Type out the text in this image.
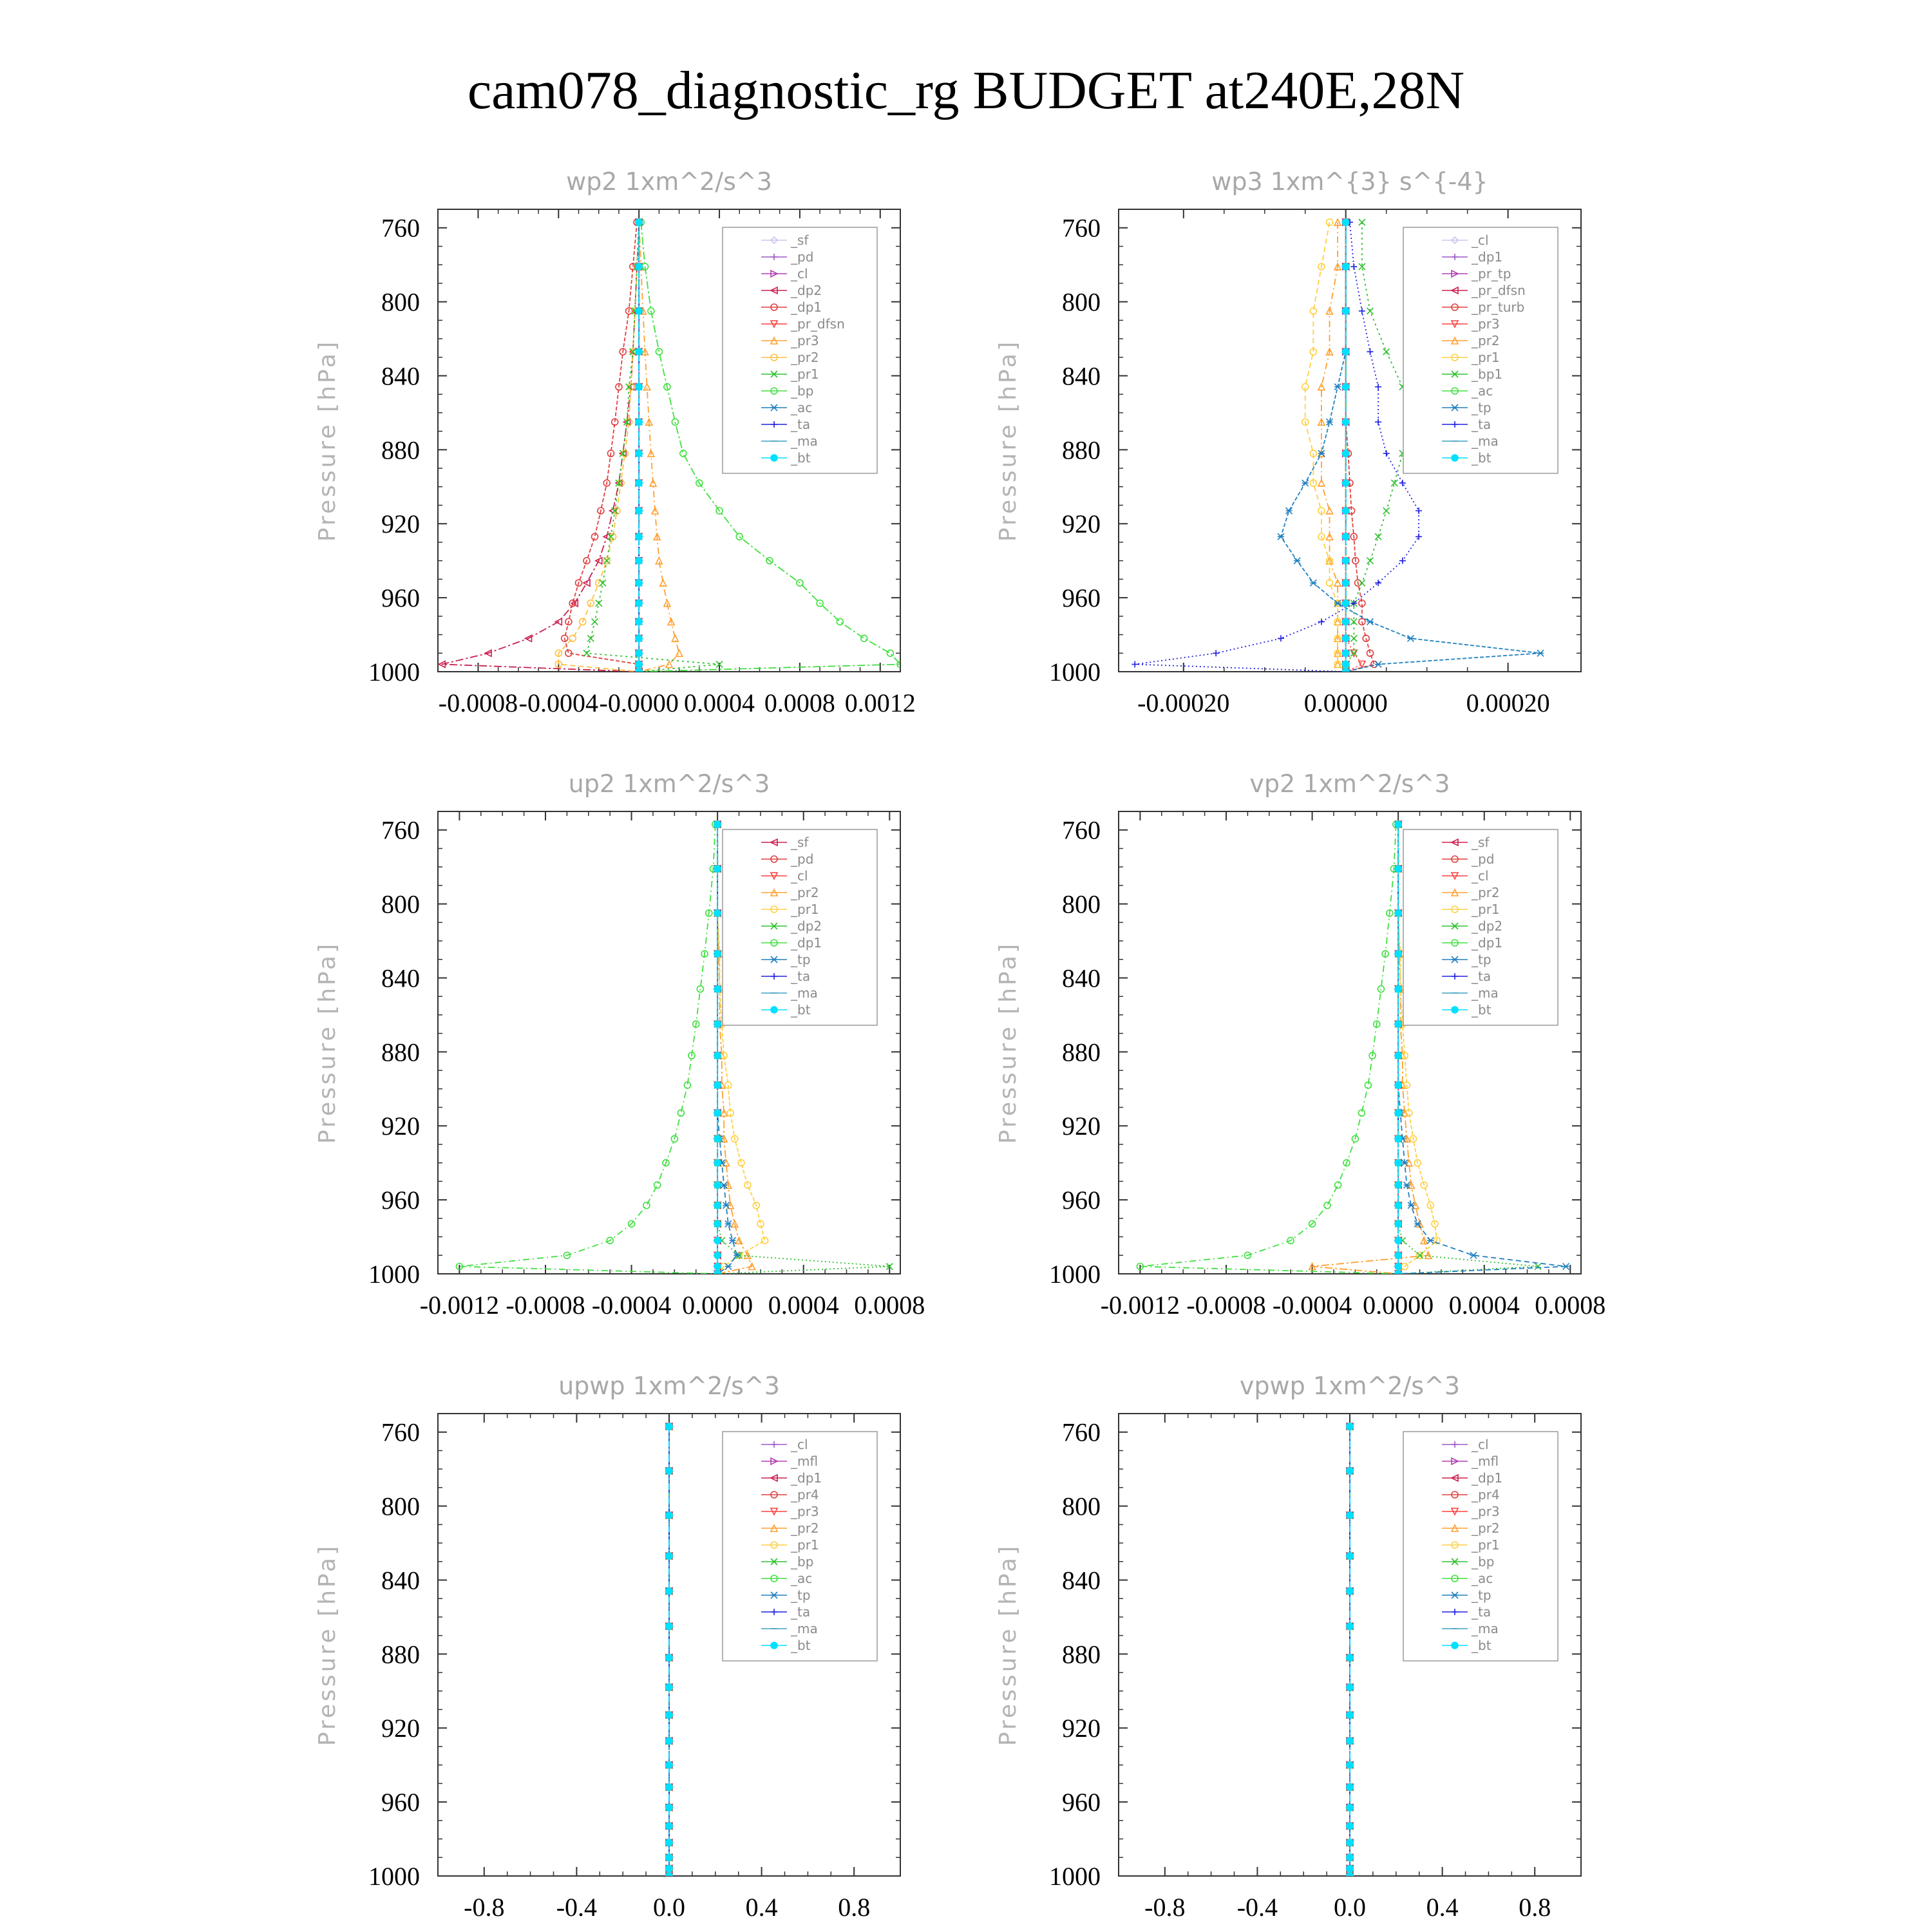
cam078_diagnostic_rg BUDGET at240E,28N
wp2 1xm^2/s^3
Pressure [hPa]
760
800
840
880
920
960
1000
-0.0008 -0.0004 -0.0000 0.0004 0.0008 0.0012
_sf
_pd
_cl
_dp2
_dp1
_pr_dfsn
_pr3
_pr2
_pr1
_bp
_ac
_ta
_ma
_bt
wp3 1xm^{3} s^{-4}
Pressure [hPa]
760
800
840
880
920
960
1000
-0.00020	0.00000	0.00020
_cl
_dp1
_pr_tp
_pr_dfsn
_pr_turb
_pr3
_pr2
_pr1
_bp1
_ac
_tp
_ta
_ma
_bt
up2 1xm^2/s^3
Pressure [hPa]
760
800
840
880
920
960
1000
-0.0012 -0.0008 -0.0004 0.0000 0.0004 0.0008
_sf
_pd
_cl
_pr2
_pr1
_dp2
_dp1
_tp
_ta
_ma
_bt
vp2 1xm^2/s^3
Pressure [hPa]
760
800
840
880
920
960
1000
-0.0012 -0.0008 -0.0004 0.0000 0.0004 0.0008
_sf
_pd
_cl
_pr2
_pr1
_dp2
_dp1
_tp
_ta
_ma
_bt
upwp 1xm^2/s^3
Pressure [hPa]
760
800
840
880
920
960
1000
-0.8 -0.4 0.0 0.4 0.8
_cl
_mfl
_dp1
_pr4
_pr3
_pr2
_pr1
_bp
_ac
_tp
_ta
_ma
_bt
vpwp 1xm^2/s^3
Pressure [hPa]
760
800
840
880
920
960
1000
-0.8 -0.4 0.0 0.4 0.8
_cl
_mfl
_dp1
_pr4
_pr3
_pr2
_pr1
_bp
_ac
_tp
_ta
_ma
_bt
